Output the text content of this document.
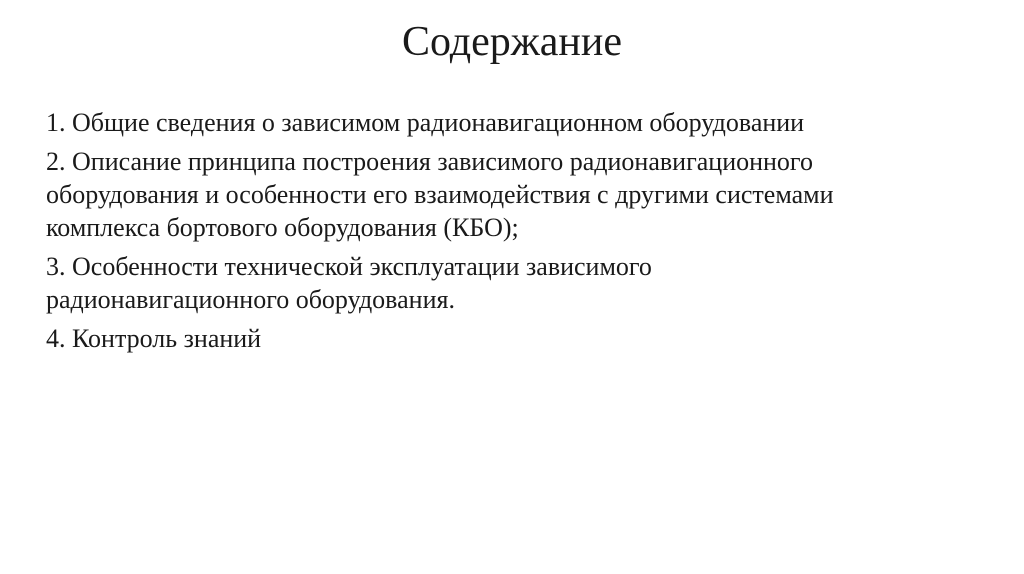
Содержание
1. Общие сведения о зависимом радионавигационном оборудовании
2. Описание принципа построения зависимого радионавигационного
оборудования и особенности его взаимодействия с другими системами
комплекса бортового оборудования (КБО);
3. Особенности технической эксплуатации зависимого
радионавигационного оборудования.
4. Контроль знаний
